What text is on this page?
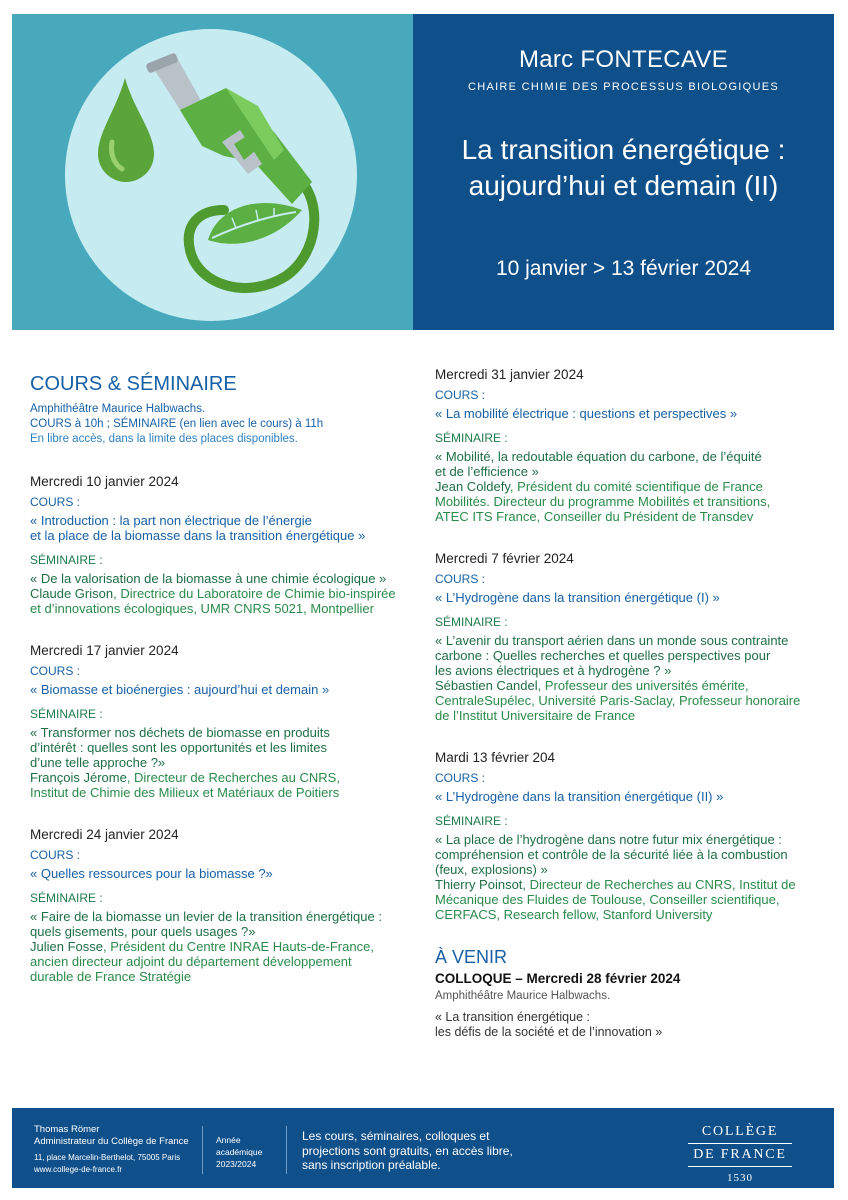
Marc FONTECAVE
CHAIRE CHIMIE DES PROCESSUS BIOLOGIQUES
La transition énergétique :
aujourd’hui et demain (II)
10 janvier > 13 février 2024
COURS & SÉMINAIRE
Amphithéâtre Maurice Halbwachs.
COURS à 10h ; SÉMINAIRE (en lien avec le cours) à 11h
En libre accès, dans la limite des places disponibles.
Mercredi 10 janvier 2024
COURS :
« Introduction : la part non électrique de l’énergie
et la place de la biomasse dans la transition énergétique »
SÉMINAIRE :
« De la valorisation de la biomasse à une chimie écologique »
Claude Grison, Directrice du Laboratoire de Chimie bio-inspirée
et d’innovations écologiques, UMR CNRS 5021, Montpellier
Mercredi 17 janvier 2024
COURS :
« Biomasse et bioénergies : aujourd’hui et demain »
SÉMINAIRE :
« Transformer nos déchets de biomasse en produits
d’intérêt : quelles sont les opportunités et les limites
d’une telle approche ?»
François Jérome, Directeur de Recherches au CNRS,
Institut de Chimie des Milieux et Matériaux de Poitiers
Mercredi 24 janvier 2024
COURS :
« Quelles ressources pour la biomasse ?»
SÉMINAIRE :
« Faire de la biomasse un levier de la transition énergétique :
quels gisements, pour quels usages ?»
Julien Fosse, Président du Centre INRAE Hauts-de-France,
ancien directeur adjoint du département développement
durable de France Stratégie
Mercredi 31 janvier 2024
COURS :
« La mobilité électrique : questions et perspectives »
SÉMINAIRE :
« Mobilité, la redoutable équation du carbone, de l’équité
et de l’efficience »
Jean Coldefy, Président du comité scientifique de France
Mobilités. Directeur du programme Mobilités et transitions,
ATEC ITS France, Conseiller du Président de Transdev
Mercredi 7 février 2024
COURS :
« L’Hydrogène dans la transition énergétique (I) »
SÉMINAIRE :
« L’avenir du transport aérien dans un monde sous contrainte
carbone : Quelles recherches et quelles perspectives pour
les avions électriques et à hydrogène ? »
Sébastien Candel, Professeur des universités émérite,
CentraleSupélec, Université Paris-Saclay, Professeur honoraire
de l’Institut Universitaire de France
Mardi 13 février 204
COURS :
« L’Hydrogène dans la transition énergétique (II) »
SÉMINAIRE :
« La place de l’hydrogène dans notre futur mix énergétique :
compréhension et contrôle de la sécurité liée à la combustion
(feux, explosions) »
Thierry Poinsot, Directeur de Recherches au CNRS, Institut de
Mécanique des Fluides de Toulouse, Conseiller scientifique,
CERFACS, Research fellow, Stanford University
À VENIR
COLLOQUE – Mercredi 28 février 2024
Amphithéâtre Maurice Halbwachs.
« La transition énergétique :
les défis de la société et de l’innovation »
Thomas Römer
Administrateur du Collège de France
11, place Marcelin-Berthelot, 75005 Paris
www.college-de-france.fr
Année
académique
2023/2024
Les cours, séminaires, colloques et
projections sont gratuits, en accès libre,
sans inscription préalable.
COLLÈGE
DE FRANCE
1530
